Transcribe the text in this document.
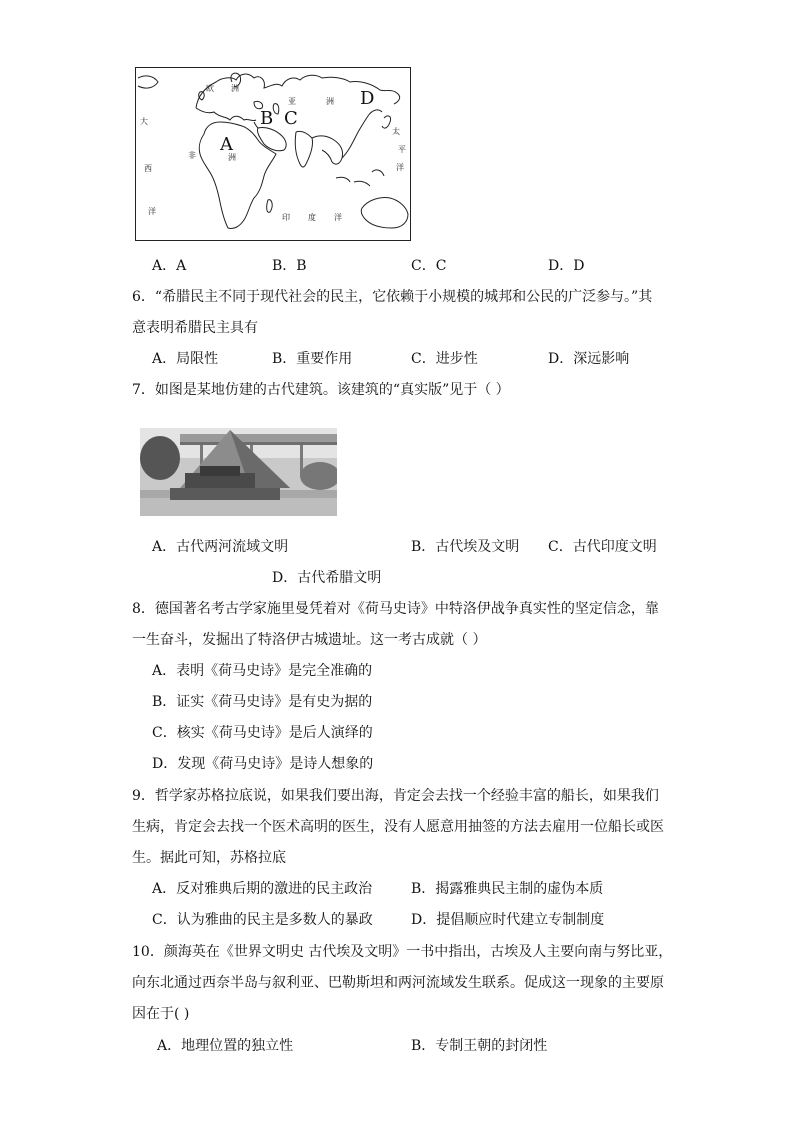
欧 洲
亚	洲
非	洲
大
西
洋
太
平
洋
印 度 洋
A
B C
D
A．A	B．B	C．C	D．D
6．“希腊民主不同于现代社会的民主，它依赖于小规模的城邦和公民的广泛参与。”其
意表明希腊民主具有
A．局限性	B．重要作用	C．进步性	D．深远影响
7．如图是某地仿建的古代建筑。该建筑的“真实版”见于（ ）
A．古代两河流域文明	B．古代埃及文明 C．古代印度文明
D．古代希腊文明
8．德国著名考古学家施里曼凭着对《荷马史诗》中特洛伊战争真实性的坚定信念，靠
一生奋斗，发掘出了特洛伊古城遗址。这一考古成就（ ）
A．表明《荷马史诗》是完全准确的
B．证实《荷马史诗》是有史为据的
C．核实《荷马史诗》是后人演绎的
D．发现《荷马史诗》是诗人想象的
9．哲学家苏格拉底说，如果我们要出海，肯定会去找一个经验丰富的船长，如果我们
生病，肯定会去找一个医术高明的医生，没有人愿意用抽签的方法去雇用一位船长或医
生。据此可知，苏格拉底
A．反对雅典后期的激进的民主政治	B．揭露雅典民主制的虚伪本质
C．认为雅曲的民主是多数人的暴政	D．提倡顺应时代建立专制制度
10．颜海英在《世界文明史 古代埃及文明》一书中指出，古埃及人主要向南与努比亚，
向东北通过西奈半岛与叙利亚、巴勒斯坦和两河流域发生联系。促成这一现象的主要原
因在于( )
A．地理位置的独立性	B．专制王朝的封闭性
